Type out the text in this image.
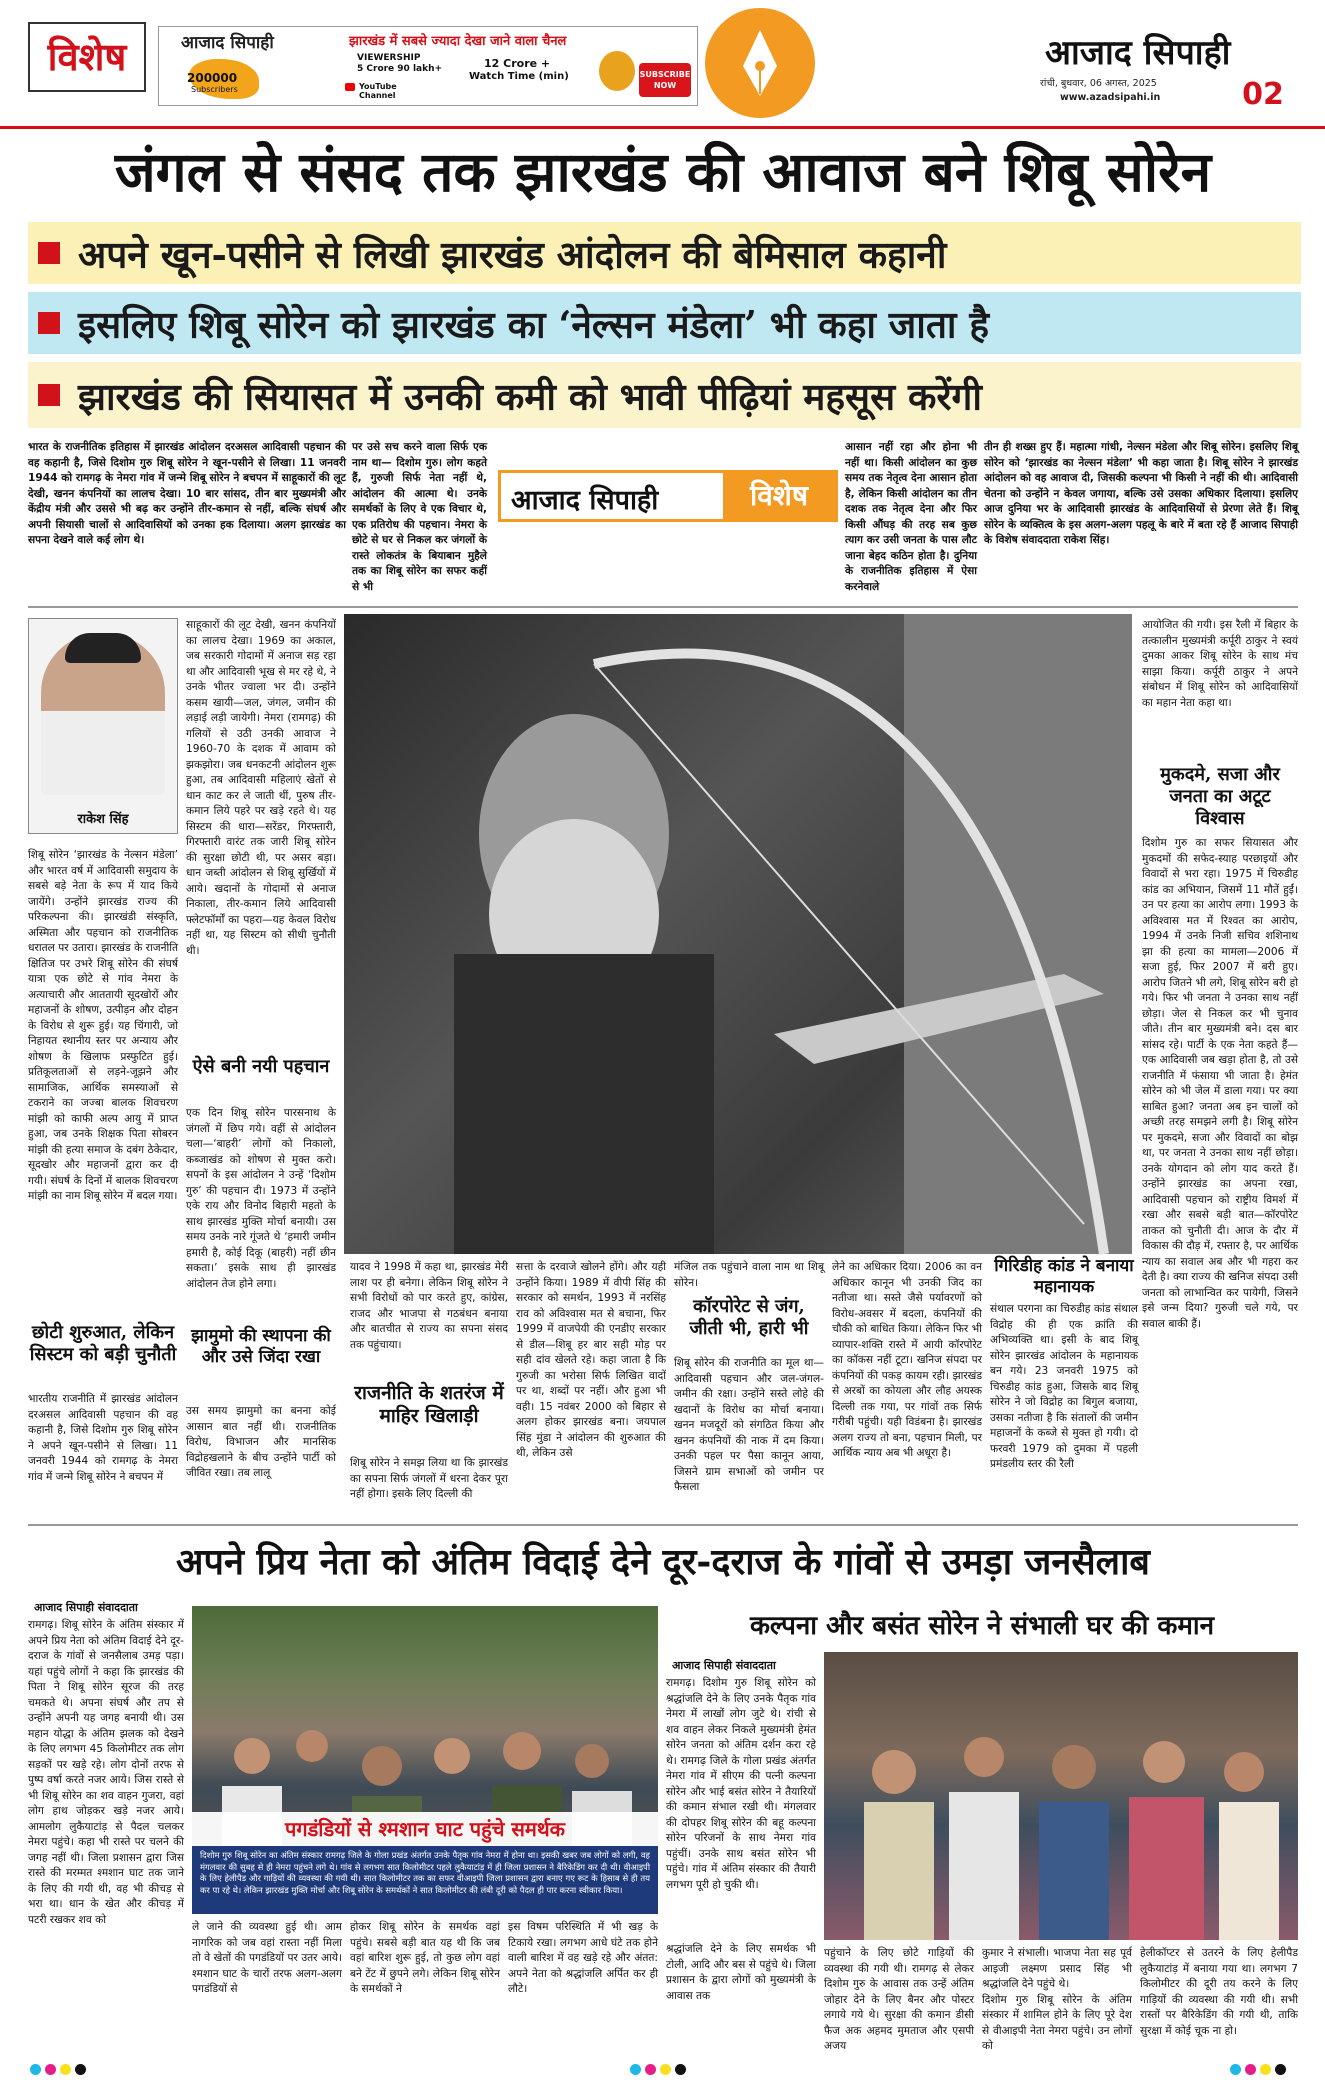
विशेष	आजाद सिपाही	झारखंड में सबसे ज्यादा देखा जाने वाला चैनल
200000
Subscribers
VIEWERSHIP
5 Crore 90 lakh+
YouTube Channel
12 Crore +
Watch Time (min)	SUBSCRIBE NOW
आजाद सिपाही
रांची, बुधवार, 06 अगस्त, 2025
www.azadsipahi.in	02
जंगल से संसद तक झारखंड की आवाज बने शिबू सोरेन
अपने खून-पसीने से लिखी झारखंड आंदोलन की बेमिसाल कहानी
इसलिए शिबू सोरेन को झारखंड का ‘नेल्सन मंडेला’ भी कहा जाता है
झारखंड की सियासत में उनकी कमी को भावी पीढ़ियां महसूस करेंगी
भारत के राजनीतिक इतिहास में झारखंड आंदोलन दरअसल आदिवासी पहचान की वह कहानी है, जिसे दिशोम गुरु शिबू सोरेन ने खून-पसीने से लिखा। 11 जनवरी 1944 को रामगढ़ के नेमरा गांव में जन्मे शिबू सोरेन ने बचपन में साहूकारों की लूट देखी, खनन कंपनियों का लालच देखा। 10 बार सांसद, तीन बार मुख्यमंत्री और केंद्रीय मंत्री और उससे भी बढ़ कर उन्होंने तीर-कमान से नहीं, बल्कि संघर्ष और अपनी सियासी चालों से आदिवासियों को उनका हक दिलाया। अलग झारखंड का सपना देखने वाले कई लोग थे।
पर उसे सच करने वाला सिर्फ एक नाम था— दिशोम गुरु। लोग कहते हैं, गुरुजी सिर्फ नेता नहीं थे, आंदोलन की आत्मा थे। उनके समर्थकों के लिए वे एक विचार थे, एक प्रतिरोध की पहचान। नेमरा के छोटे से घर से निकल कर जंगलों के रास्ते लोकतंत्र के बियाबान मुहैले तक का शिबू सोरेन का सफर कहीं से भी
आजाद सिपाही	विशेष
आसान नहीं रहा और होना भी नहीं था। किसी आंदोलन का कुछ समय तक नेतृत्व देना आसान होता है, लेकिन किसी आंदोलन का तीन दशक तक नेतृत्व देना और फिर किसी औंघड़ की तरह सब कुछ त्याग कर उसी जनता के पास लौट जाना बेहद कठिन होता है। दुनिया के राजनीतिक इतिहास में ऐसा करनेवाले
तीन ही शख्स हुए हैं। महात्मा गांधी, नेल्सन मंडेला और शिबू सोरेन। इसलिए शिबू सोरेन को ‘झारखंड का नेल्सन मंडेला’ भी कहा जाता है। शिबू सोरेन ने झारखंड आंदोलन को वह आवाज दी, जिसकी कल्पना भी किसी ने नहीं की थी। आदिवासी चेतना को उन्होंने न केवल जगाया, बल्कि उसे उसका अधिकार दिलाया। इसलिए आज दुनिया भर के आदिवासी झारखंड के आदिवासियों से प्रेरणा लेते हैं। शिबू सोरेन के व्यक्तित्व के इस अलग-अलग पहलू के बारे में बता रहे हैं आजाद सिपाही के विशेष संवाददाता राकेश सिंह।
राकेश सिंह
शिबू सोरेन ‘झारखंड के नेल्सन मंडेला’ और भारत वर्ष में आदिवासी समुदाय के सबसे बड़े नेता के रूप में याद किये जायेंगे। उन्होंने झारखंड राज्य की परिकल्पना की। झारखंडी संस्कृति, अस्मिता और पहचान को राजनीतिक धरातल पर उतारा। झारखंड के राजनीति क्षितिज पर उभरे शिबू सोरेन की संघर्ष यात्रा एक छोटे से गांव नेमरा के अत्याचारी और आततायी सूदखोरों और महाजनों के शोषण, उत्पीड़न और दोहन के विरोध से शुरू हुई। यह चिंगारी, जो निहायत स्थानीय स्तर पर अन्याय और शोषण के खिलाफ प्रस्फुटित हुई। प्रतिकूलताओं से लड़ने-जूझने और सामाजिक, आर्थिक समस्याओं से टकराने का जज्बा बालक शिवचरण मांझी को काफी अल्प आयु में प्राप्त हुआ, जब उनके शिक्षक पिता सोबरन मांझी की हत्या समाज के दबंग ठेकेदार, सूदखोर और महाजनों द्वारा कर दी गयी। संघर्ष के दिनों में बालक शिवचरण मांझी का नाम शिबू सोरेन में बदल गया।
छोटी शुरुआत, लेकिन सिस्टम को बड़ी चुनौती
भारतीय राजनीति में झारखंड आंदोलन दरअसल आदिवासी पहचान की वह कहानी है, जिसे दिशोम गुरु शिबू सोरेन ने अपने खून-पसीने से लिखा। 11 जनवरी 1944 को रामगढ़ के नेमरा गांव में जन्मे शिबू सोरेन ने बचपन में
साहूकारों की लूट देखी, खनन कंपनियों का लालच देखा। 1969 का अकाल, जब सरकारी गोदामों में अनाज सड़ रहा था और आदिवासी भूख से मर रहे थे, ने उनके भीतर ज्वाला भर दी। उन्होंने कसम खायी—जल, जंगल, जमीन की लड़ाई लड़ी जायेगी। नेमरा (रामगढ़) की गलियों से उठी उनकी आवाज ने 1960-70 के दशक में आवाम को झकझोरा। जब धनकटनी आंदोलन शुरू हुआ, तब आदिवासी महिलाएं खेतों से धान काट कर ले जाती थीं, पुरुष तीर-कमान लिये पहरे पर खड़े रहते थे। यह सिस्टम की धारा—सरेंडर, गिरफ्तारी, गिरफ्तारी वारंट तक जारी शिबू सोरेन की सुरक्षा छोटी थी, पर असर बड़ा। धान जब्ती आंदोलन से शिबू सुर्खियों में आये। खदानों के गोदामों से अनाज निकाला, तीर-कमान लिये आदिवासी फ्लेटफॉर्मों का पहरा—यह केवल विरोध नहीं था, यह सिस्टम को सीधी चुनौती थी।
ऐसे बनी नयी पहचान
एक दिन शिबू सोरेन पारसनाथ के जंगलों में छिप गये। वहीं से आंदोलन चला—‘बाहरी’ लोगों को निकालो, कब्जाखंड को शोषण से मुक्त करो। सपनों के इस आंदोलन ने उन्हें ‘दिशोम गुरु’ की पहचान दी। 1973 में उन्होंने एके राय और विनोद बिहारी महतो के साथ झारखंड मुक्ति मोर्चा बनायी। उस समय उनके नारे गूंजते थे ‘हमारी जमीन हमारी है, कोई दिकू (बाहरी) नहीं छीन सकता।’ इसके साथ ही झारखंड आंदोलन तेज होने लगा।
झामुमो की स्थापना की और उसे जिंदा रखा
उस समय झामुमो का बनना कोई आसान बात नहीं थी। राजनीतिक विरोध, विभाजन और मानसिक विद्रोहखलाने के बीच उन्होंने पार्टी को जीवित रखा। तब लालू
यादव ने 1998 में कहा था, झारखंड मेरी लाश पर ही बनेगा। लेकिन शिबू सोरेन ने सभी विरोधों को पार करते हुए, कांग्रेस, राजद और भाजपा से गठबंधन बनाया और बातचीत से राज्य का सपना संसद तक पहुंचाया।
राजनीति के शतरंज में माहिर खिलाड़ी
शिबू सोरेन ने समझ लिया था कि झारखंड का सपना सिर्फ जंगलों में धरना देकर पूरा नहीं होगा। इसके लिए दिल्ली की
सत्ता के दरवाजे खोलने होंगे। और यही उन्होंने किया। 1989 में वीपी सिंह की सरकार को समर्थन, 1993 में नरसिंह राव को अविश्वास मत से बचाना, फिर 1999 में वाजपेयी की एनडीए सरकार से डील—शिबू हर बार सही मोड़ पर सही दांव खेलते रहे। कहा जाता है कि गुरुजी का भरोसा सिर्फ लिखित वादों पर था, शब्दों पर नहीं। और हुआ भी वही। 15 नवंबर 2000 को बिहार से अलग होकर झारखंड बना। जयपाल सिंह मुंडा ने आंदोलन की शुरुआत की थी, लेकिन उसे
मंजिल तक पहुंचाने वाला नाम था शिबू सोरेन।
कॉरपोरेट से जंग, जीती भी, हारी भी
शिबू सोरेन की राजनीति का मूल था—आदिवासी पहचान और जल-जंगल-जमीन की रक्षा। उन्होंने सस्ते लोहे की खदानों के विरोध का मोर्चा बनाया। खनन मजदूरों को संगठित किया और खनन कंपनियों की नाक में दम किया। उनकी पहल पर पैसा कानून आया, जिसने ग्राम सभाओं को जमीन पर फैसला
लेने का अधिकार दिया। 2006 का वन अधिकार कानून भी उनकी जिद का नतीजा था। सस्ते जैसे पर्यावरणों को विरोध-अवसर में बदला, कंपनियों की चौकी को बाधित किया। लेकिन फिर भी व्यापार-शक्ति रास्ते में आयी कॉरपोरेट का कॉकस नहीं टूटा। खनिज संपदा पर कंपनियों की पकड़ कायम रही। झारखंड से अरबों का कोयला और लौह अयस्क दिल्ली तक गया, पर गांवों तक सिर्फ गरीबी पहुंची। यही विडंबना है। झारखंड अलग राज्य तो बना, पहचान मिली, पर आर्थिक न्याय अब भी अधूरा है।
गिरिडीह कांड ने बनाया महानायक
संथाल परगना का चिरुडीह कांड संथाल विद्रोह की ही एक क्रांति की अभिव्यक्ति था। इसी के बाद शिबू सोरेन झारखंड आंदोलन के महानायक बन गये। 23 जनवरी 1975 को चिरुडीह कांड हुआ, जिसके बाद शिबू सोरेन ने जो विद्रोह का बिगुल बजाया, उसका नतीजा है कि संतालों की जमीन महाजनों के कब्जे से मुक्त हो गयी। दो फरवरी 1979 को दुमका में पहली प्रमंडलीय स्तर की रैली
आयोजित की गयी। इस रैली में बिहार के तत्कालीन मुख्यमंत्री कर्पूरी ठाकुर ने स्वयं दुमका आकर शिबू सोरेन के साथ मंच साझा किया। कर्पूरी ठाकुर ने अपने संबोधन में शिबू सोरेन को आदिवासियों का महान नेता कहा था।
मुकदमे, सजा और जनता का अटूट विश्वास
दिशोम गुरु का सफर सियासत और मुकदमों की सफेद-स्याह परछाइयों और विवादों से भरा रहा। 1975 में चिरुडीह कांड का अभियान, जिसमें 11 मौतें हुईं। उन पर हत्या का आरोप लगा। 1993 के अविश्वास मत में रिश्वत का आरोप, 1994 में उनके निजी सचिव शशिनाथ झा की हत्या का मामला—2006 में सजा हुई, फिर 2007 में बरी हुए। आरोप जितने भी लगे, शिबू सोरेन बरी हो गये। फिर भी जनता ने उनका साथ नहीं छोड़ा। जेल से निकल कर भी चुनाव जीते। तीन बार मुख्यमंत्री बने। दस बार सांसद रहे। पार्टी के एक नेता कहते हैं—एक आदिवासी जब खड़ा होता है, तो उसे राजनीति में फंसाया भी जाता है। हेमंत सोरेन को भी जेल में डाला गया। पर क्या साबित हुआ? जनता अब इन चालों को अच्छी तरह समझने लगी है। शिबू सोरेन पर मुकदमे, सजा और विवादों का बोझ था, पर जनता ने उनका साथ नहीं छोड़ा। उनके योगदान को लोग याद करते हैं। उन्होंने झारखंड का अपना रखा, आदिवासी पहचान को राष्ट्रीय विमर्श में रखा और सबसे बड़ी बात—कॉरपोरेट ताकत को चुनौती दी। आज के दौर में विकास की दौड़ में, रफ्तार है, पर आर्थिक न्याय का सवाल अब और भी गहरा कर देती है। क्या राज्य की खनिज संपदा उसी जनता को लाभान्वित कर पायेगी, जिसने इसे जन्म दिया? गुरुजी चले गये, पर सवाल बाकी हैं।
अपने प्रिय नेता को अंतिम विदाई देने दूर-दराज के गांवों से उमड़ा जनसैलाब
आजाद सिपाही संवाददाता
रामगढ़। शिबू सोरेन के अंतिम संस्कार में अपने प्रिय नेता को अंतिम विदाई देने दूर-दराज के गांवों से जनसैलाब उमड़ पड़ा। यहां पहुंचे लोगों ने कहा कि झारखंड की पिता ने शिबू सोरेन सूरज की तरह चमकते थे। अपना संघर्ष और तप से उन्होंने अपनी यह जगह बनायी थी। उस महान योद्धा के अंतिम झलक को देखने के लिए लगभग 45 किलोमीटर तक लोग सड़कों पर खड़े रहे। लोग दोनों तरफ से पुष्प वर्षा करते नजर आये। जिस रास्ते से भी शिबू सोरेन का शव वाहन गुजरा, वहां लोग हाथ जोड़कर खड़े नजर आये। आमलोग लुकैयाटांड़ से पैदल चलकर नेमरा पहुंचे। कहा भी रास्ते पर चलने की जगह नहीं थी। जिला प्रशासन द्वारा जिस रास्ते की मरम्मत श्मशान घाट तक जाने के लिए की गयी थी, वह भी कीचड़ से भरा था। धान के खेत और कीचड़ में पटरी रखकर शव को
पगडंडियों से श्मशान घाट पहुंचे समर्थक
दिशोम गुरु शिबू सोरेन का अंतिम संस्कार रामगढ़ जिले के गोला प्रखंड अंतर्गत उनके पैतृक गांव नेमरा में होना था। इसकी खबर जब लोगों को लगी, वह मंगलवार की सुबह से ही नेमरा पहुंचने लगे थे। गांव से लगभग सात किलोमीटर पहले लुकैयाटांड़ में ही जिला प्रशासन ने बैरिकेडिंग कर दी थी। वीआइपी के लिए हेलीपैड और गाड़ियों की व्यवस्था की गयी थी। सात किलोमीटर तक का सफर वीआइपी जिला प्रशासन द्वारा बनाए गए रूट के हिसाब से ही तय कर पा रहे थे। लेकिन झारखंड मुक्ति मोर्चा और शिबू सोरेन के समर्थकों ने सात किलोमीटर की लंबी दूरी को पैदल ही पार करना स्वीकार किया।
ले जाने की व्यवस्था हुई थी। आम नागरिक को जब वहां रास्ता नहीं मिला तो वे खेतों की पगडंडियों पर उतर आये। श्मशान घाट के चारों तरफ अलग-अलग पगडंडियों से
होकर शिबू सोरेन के समर्थक वहां पहुंचे। सबसे बड़ी बात यह थी कि जब वहां बारिश शुरू हुई, तो कुछ लोग वहां बने टेंट में छुपने लगे। लेकिन शिबू सोरेन के समर्थकों ने
इस विषम परिस्थिति में भी खड़ के टिकाये रखा। लगभग आधे घंटे तक होने वाली बारिश में वह खड़े रहे और अंतत: अपने नेता को श्रद्धांजलि अर्पित कर ही लौटे।
कल्पना और बसंत सोरेन ने संभाली घर की कमान
आजाद सिपाही संवाददाता
रामगढ़। दिशोम गुरु शिबू सोरेन को श्रद्धांजलि देने के लिए उनके पैतृक गांव नेमरा में लाखों लोग जुटे थे। रांची से शव वाहन लेकर निकले मुख्यमंत्री हेमंत सोरेन जनता को अंतिम दर्शन करा रहे थे। रामगढ़ जिले के गोला प्रखंड अंतर्गत नेमरा गांव में सीएम की पत्नी कल्पना सोरेन और भाई बसंत सोरेन ने तैयारियों की कमान संभाल रखी थी। मंगलवार की दोपहर शिबू सोरेन की बहू कल्पना सोरेन परिजनों के साथ नेमरा गांव पहुंचीं। उनके साथ बसंत सोरेन भी पहुंचे। गांव में अंतिम संस्कार की तैयारी लगभग पूरी हो चुकी थी।
श्रद्धांजलि देने के लिए समर्थक भी टोली, आदि और बस से पहुंचे थे। जिला प्रशासन के द्वारा लोगों को मुख्यमंत्री के आवास तक
पहुंचाने के लिए छोटे गाड़ियों की व्यवस्था की गयी थी। रामगढ़ से लेकर दिशोम गुरु के आवास तक उन्हें अंतिम जोहार देने के लिए बैनर और पोस्टर लगाये गये थे। सुरक्षा की कमान डीसी फैज अक अहमद मुमताज और एसपी अजय
कुमार ने संभाली। भाजपा नेता सह पूर्व आइजी लक्ष्मण प्रसाद सिंह भी श्रद्धांजलि देने पहुंचे थे।
दिशोम गुरु शिबू सोरेन के अंतिम संस्कार में शामिल होने के लिए पूरे देश से वीआइपी नेता नेमरा पहुंचे। उन लोगों को
हेलीकॉप्टर से उतरने के लिए हेलीपैड लुकैयाटांड़ में बनाया गया था। लगभग 7 किलोमीटर की दूरी तय करने के लिए गाड़ियों की व्यवस्था की गयी थी। सभी रास्तों पर बैरिकेडिंग की गयी थी, ताकि सुरक्षा में कोई चूक ना हो।
